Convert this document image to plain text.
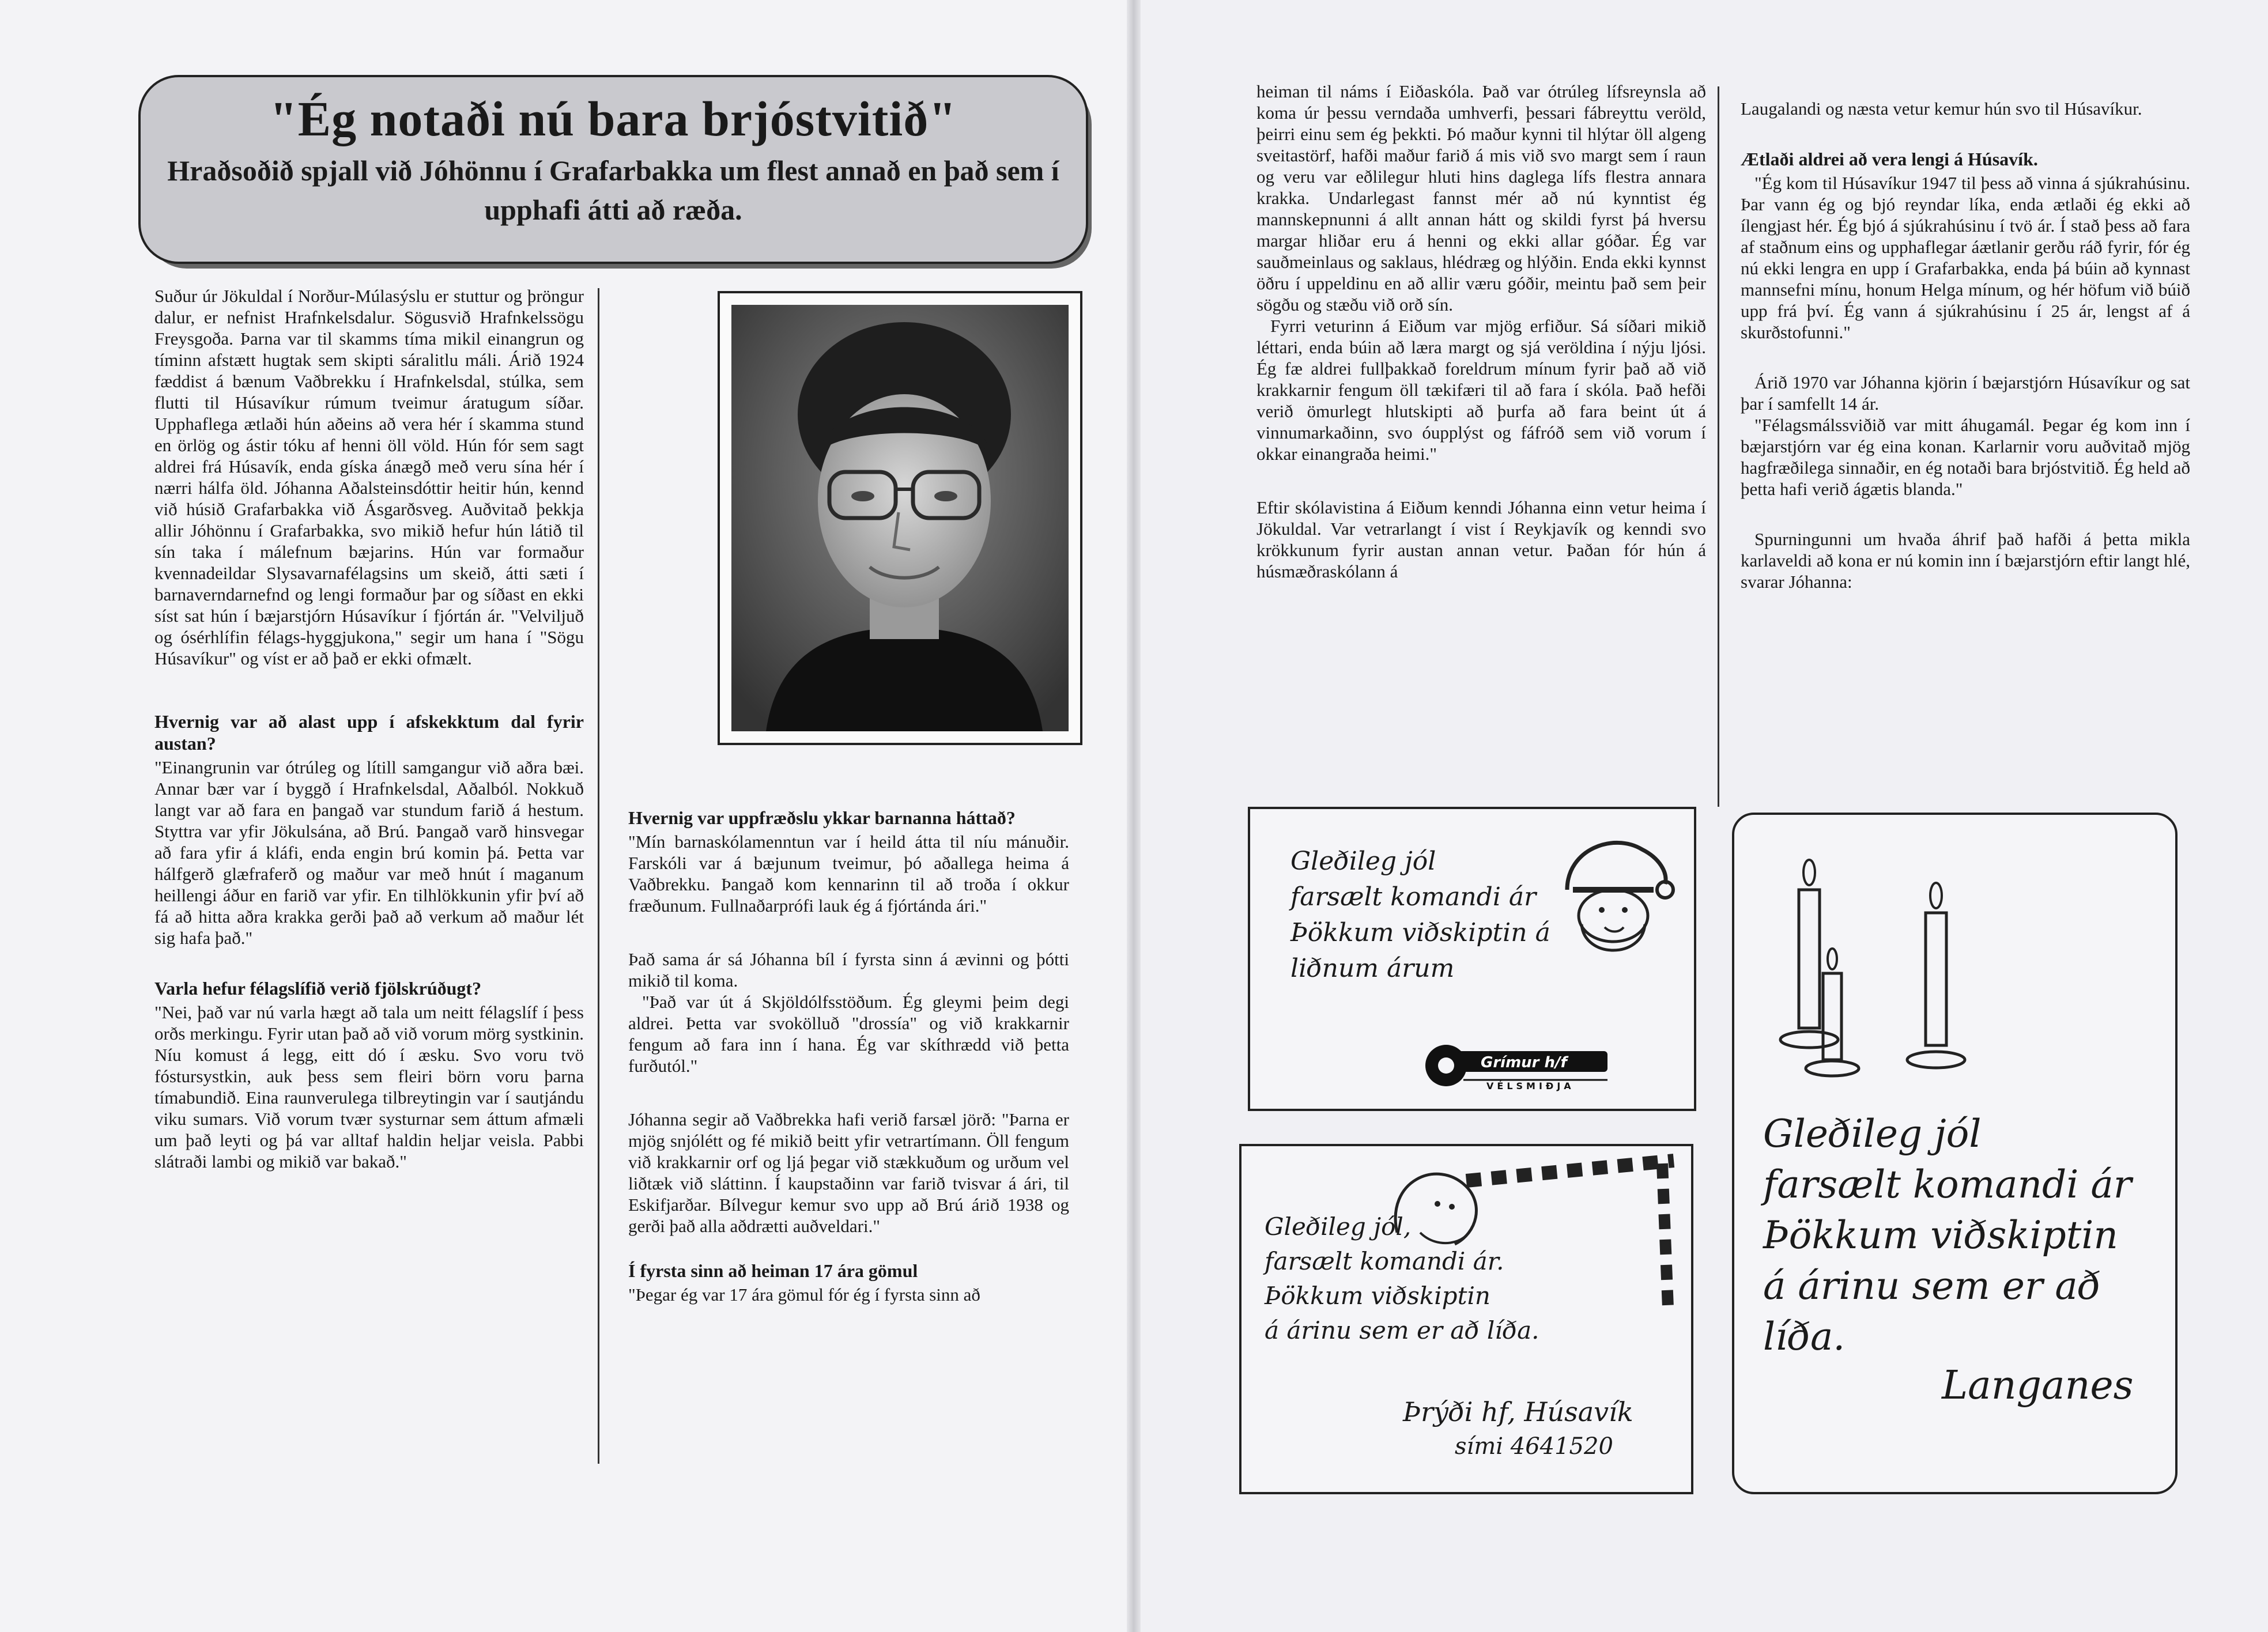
"Ég notaði nú bara brjóstvitið"
Hraðsoðið spjall við Jóhönnu í Grafarbakka um flest annað en það sem í upphafi átti að ræða.

Suður úr Jökuldal í Norður-Múlasýslu er stuttur og þröngur dalur, er nefnist Hrafnkelsdalur. Sögusvið Hrafnkelssögu Freysgoða. Þarna var til skamms tíma mikil einangrun og tíminn afstætt hugtak sem skipti sáralitlu máli. Árið 1924 fæddist á bænum Vaðbrekku í Hrafnkelsdal, stúlka, sem flutti til Húsavíkur rúmum tveimur áratugum síðar. Upphaflega ætlaði hún aðeins að vera hér í skamma stund en örlög og ástir tóku af henni öll völd. Hún fór sem sagt aldrei frá Húsavík, enda gíska ánægð með veru sína hér í nærri hálfa öld. Jóhanna Aðalsteinsdóttir heitir hún, kennd við húsið Grafarbakka við Ásgarðsveg. Auðvitað þekkja allir Jóhönnu í Grafarbakka, svo mikið hefur hún látið til sín taka í málefnum bæjarins. Hún var formaður kvennadeildar Slysavarnafélagsins um skeið, átti sæti í barnaverndarnefnd og lengi formaður þar og síðast en ekki síst sat hún í bæjarstjórn Húsavíkur í fjórtán ár. "Velviljuð og ósérhlífin félags-hyggjukona," segir um hana í "Sögu Húsavíkur" og víst er að það er ekki ofmælt.

Hvernig var að alast upp í afskekktum dal fyrir austan?

"Einangrunin var ótrúleg og lítill samgangur við aðra bæi. Annar bær var í byggð í Hrafnkelsdal, Aðalból. Nokkuð langt var að fara en þangað var stundum farið á hestum. Styttra var yfir Jökulsána, að Brú. Þangað varð hinsvegar að fara yfir á kláfi, enda engin brú komin þá. Þetta var hálfgerð glæfraferð og maður var með hnút í maganum heillengi áður en farið var yfir. En tilhlökkunin yfir því að fá að hitta aðra krakka gerði það að verkum að maður lét sig hafa það."

Varla hefur félagslífið verið fjölskrúðugt?

"Nei, það var nú varla hægt að tala um neitt félagslíf í þess orðs merkingu. Fyrir utan það að við vorum mörg systkinin. Níu komust á legg, eitt dó í æsku. Svo voru tvö fóstursystkin, auk þess sem fleiri börn voru þarna tímabundið. Eina raunverulega tilbreytingin var í sautjándu viku sumars. Við vorum tvær systurnar sem áttum afmæli um það leyti og þá var alltaf haldin heljar veisla. Pabbi slátraði lambi og mikið var bakað."

Hvernig var uppfræðslu ykkar barnanna háttað?

"Mín barnaskólamenntun var í heild átta til níu mánuðir. Farskóli var á bæjunum tveimur, þó aðallega heima á Vaðbrekku. Þangað kom kennarinn til að troða í okkur fræðunum. Fullnaðarprófi lauk ég á fjórtánda ári."

Það sama ár sá Jóhanna bíl í fyrsta sinn á ævinni og þótti mikið til koma.

"Það var út á Skjöldólfsstöðum. Ég gleymi þeim degi aldrei. Þetta var svokölluð "drossía" og við krakkarnir fengum að fara inn í hana. Ég var skíthrædd við þetta furðutól."

Jóhanna segir að Vaðbrekka hafi verið farsæl jörð: "Þarna er mjög snjólétt og fé mikið beitt yfir vetrartímann. Öll fengum við krakkarnir orf og ljá þegar við stækkuðum og urðum vel liðtæk við sláttinn. Í kaupstaðinn var farið tvisvar á ári, til Eskifjarðar. Bílvegur kemur svo upp að Brú árið 1938 og gerði það alla aðdrætti auðveldari."

Í fyrsta sinn að heiman 17 ára gömul

"Þegar ég var 17 ára gömul fór ég í fyrsta sinn að

heiman til náms í Eiðaskóla. Það var ótrúleg lífsreynsla að koma úr þessu verndaða umhverfi, þessari fábreyttu veröld, þeirri einu sem ég þekkti. Þó maður kynni til hlýtar öll algeng sveitastörf, hafði maður farið á mis við svo margt sem í raun og veru var eðlilegur hluti hins daglega lífs flestra annara krakka. Undarlegast fannst mér að nú kynntist ég mannskepnunni á allt annan hátt og skildi fyrst þá hversu margar hliðar eru á henni og ekki allar góðar. Ég var sauðmeinlaus og saklaus, hlédræg og hlýðin. Enda ekki kynnst öðru í uppeldinu en að allir væru góðir, meintu það sem þeir sögðu og stæðu við orð sín.

Fyrri veturinn á Eiðum var mjög erfiður. Sá síðari mikið léttari, enda búin að læra margt og sjá veröldina í nýju ljósi. Ég fæ aldrei fullþakkað foreldrum mínum fyrir það að við krakkarnir fengum öll tækifæri til að fara í skóla. Það hefði verið ömurlegt hlutskipti að þurfa að fara beint út á vinnumarkaðinn, svo óupplýst og fáfróð sem við vorum í okkar einangraða heimi."

Eftir skólavistina á Eiðum kenndi Jóhanna einn vetur heima í Jökuldal. Var vetrarlangt í vist í Reykjavík og kenndi svo krökkunum fyrir austan annan vetur. Þaðan fór hún á húsmæðraskólann á

Laugalandi og næsta vetur kemur hún svo til Húsavíkur.

Ætlaði aldrei að vera lengi á Húsavík.

"Ég kom til Húsavíkur 1947 til þess að vinna á sjúkrahúsinu. Þar vann ég og bjó reyndar líka, enda ætlaði ég ekki að ílengjast hér. Ég bjó á sjúkrahúsinu í tvö ár. Í stað þess að fara af staðnum eins og upphaflegar áætlanir gerðu ráð fyrir, fór ég nú ekki lengra en upp í Grafarbakka, enda þá búin að kynnast mannsefni mínu, honum Helga mínum, og hér höfum við búið upp frá því. Ég vann á sjúkrahúsinu í 25 ár, lengst af á skurðstofunni."

Árið 1970 var Jóhanna kjörin í bæjarstjórn Húsavíkur og sat þar í samfellt 14 ár.

"Félagsmálssviðið var mitt áhugamál. Þegar ég kom inn í bæjarstjórn var ég eina konan. Karlarnir voru auðvitað mjög hagfræðilega sinnaðir, en ég notaði bara brjóstvitið. Ég held að þetta hafi verið ágætis blanda."

Spurningunni um hvaða áhrif það hafði á þetta mikla karlaveldi að kona er nú komin inn í bæjarstjórn eftir langt hlé, svarar Jóhanna:

Gleðileg jól
farsælt komandi ár
Þökkum viðskiptin á
liðnum árum
Grímur h/f
VÉLSMIÐJA
Gleðileg jól,
farsælt komandi ár.
Þökkum viðskiptin
á árinu sem er að líða.
Þrýði hf, Húsavík
sími 4641520
Gleðileg jól
farsælt komandi ár
Þökkum viðskiptin
á árinu sem er að líða.
Langanes
